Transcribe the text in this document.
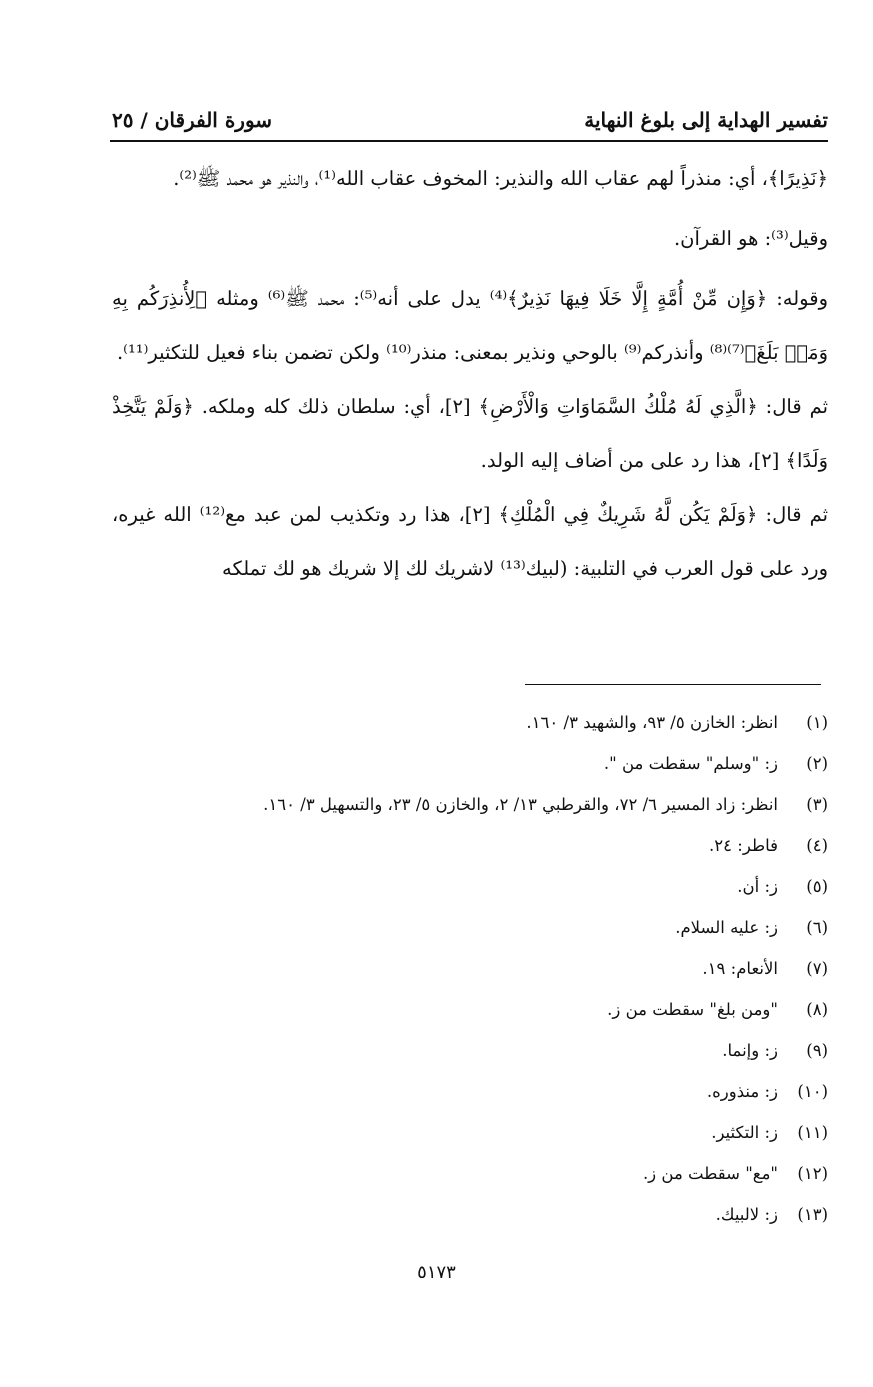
تفسير الهداية إلى بلوغ النهاية
سورة الفرقان / ٢٥

﴿نَذِيرًا﴾، أي: منذراً لهم عقاب الله والنذير: المخوف عقاب الله⁽¹⁾، والنذير هو محمد ﷺ⁽²⁾.

وقيل⁽³⁾: هو القرآن.

وقوله: ﴿وَإِن مِّنْ أُمَّةٍ إِلَّا خَلَا فِيهَا نَذِيرٌ﴾⁽⁴⁾ يدل على أنه⁽⁵⁾: محمد ﷺ⁽⁶⁾ ومثله ﴿لِأُنذِرَكُم بِهِ وَمَنۢ بَلَغَ﴾⁽⁷⁾⁽⁸⁾ وأنذركم⁽⁹⁾ بالوحي ونذير بمعنى: منذر⁽¹⁰⁾ ولكن تضمن بناء فعيل للتكثير⁽¹¹⁾.

ثم قال: ﴿الَّذِي لَهُ مُلْكُ السَّمَاوَاتِ وَالْأَرْضِ﴾ [٢]، أي: سلطان ذلك كله وملكه. ﴿وَلَمْ يَتَّخِذْ وَلَدًا﴾ [٢]، هذا رد على من أضاف إليه الولد.

ثم قال: ﴿وَلَمْ يَكُن لَّهُ شَرِيكٌ فِي الْمُلْكِ﴾ [٢]، هذا رد وتكذيب لمن عبد مع⁽¹²⁾ الله غيره، ورد على قول العرب في التلبية: (لبيك⁽¹³⁾ لاشريك لك إلا شريك هو لك تملكه

(١)
انظر: الخازن ٥/ ٩٣، والشهيد ٣/ ١٦٠.
(٢)
ز: "وسلم" سقطت من ".
(٣)
انظر: زاد المسير ٦/ ٧٢، والقرطبي ١٣/ ٢، والخازن ٥/ ٢٣، والتسهيل ٣/ ١٦٠.
(٤)
فاطر: ٢٤.
(٥)
ز: أن.
(٦)
ز: عليه السلام.
(٧)
الأنعام: ١٩.
(٨)
"ومن بلغ" سقطت من ز.
(٩)
ز: وإنما.
(١٠)
ز: منذوره.
(١١)
ز: التكثير.
(١٢)
"مع" سقطت من ز.
(١٣)
ز: لالبيك.
٥١٧٣
